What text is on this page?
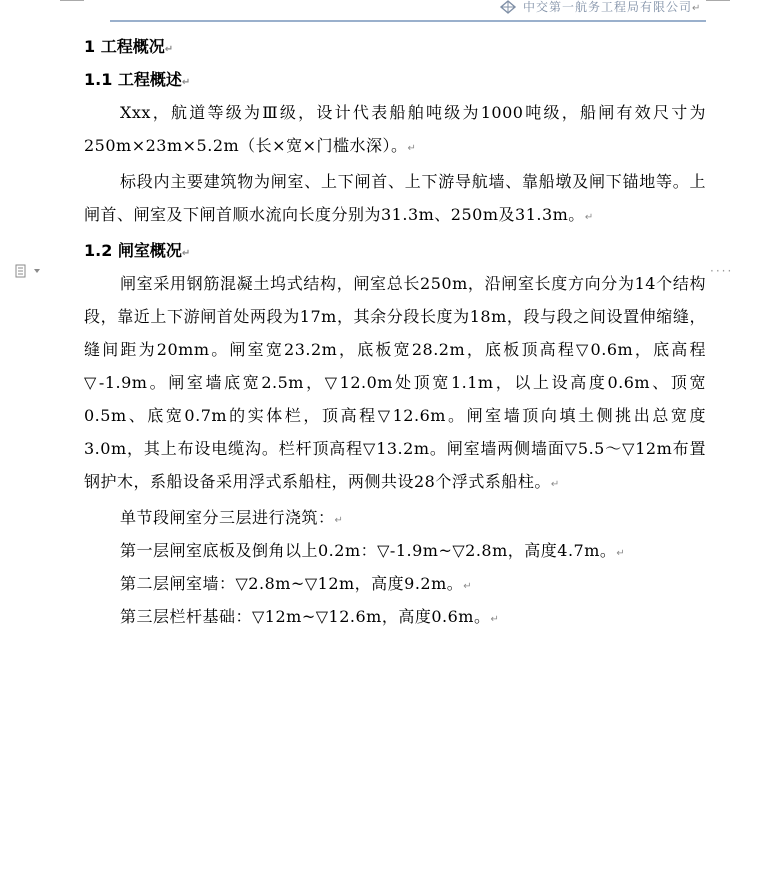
中交第一航务工程局有限公司↵
····
1 工程概况↵
1.1 工程概述↵
Xxx，航道等级为Ⅲ级，设计代表船舶吨级为1000吨级，船闸有效尺寸为250m×23m×5.2m（长×宽×门槛水深）。↵
标段内主要建筑物为闸室、上下闸首、上下游导航墙、靠船墩及闸下锚地等。上闸首、闸室及下闸首顺水流向长度分别为31.3m、250m及31.3m。↵
1.2 闸室概况↵
闸室采用钢筋混凝土坞式结构，闸室总长250m，沿闸室长度方向分为14个结构段，靠近上下游闸首处两段为17m，其余分段长度为18m，段与段之间设置伸缩缝，缝间距为20mm。闸室宽23.2m，底板宽28.2m，底板顶高程▽0.6m，底高程▽-1.9m。闸室墙底宽2.5m，▽12.0m处顶宽1.1m，以上设高度0.6m、顶宽0.5m、底宽0.7m的实体栏，顶高程▽12.6m。闸室墙顶向填土侧挑出总宽度3.0m，其上布设电缆沟。栏杆顶高程▽13.2m。闸室墙两侧墙面▽5.5～▽12m布置钢护木，系船设备采用浮式系船柱，两侧共设28个浮式系船柱。↵
单节段闸室分三层进行浇筑：↵
第一层闸室底板及倒角以上0.2m：▽-1.9m~▽2.8m，高度4.7m。↵
第二层闸室墙：▽2.8m~▽12m，高度9.2m。↵
第三层栏杆基础：▽12m~▽12.6m，高度0.6m。↵
